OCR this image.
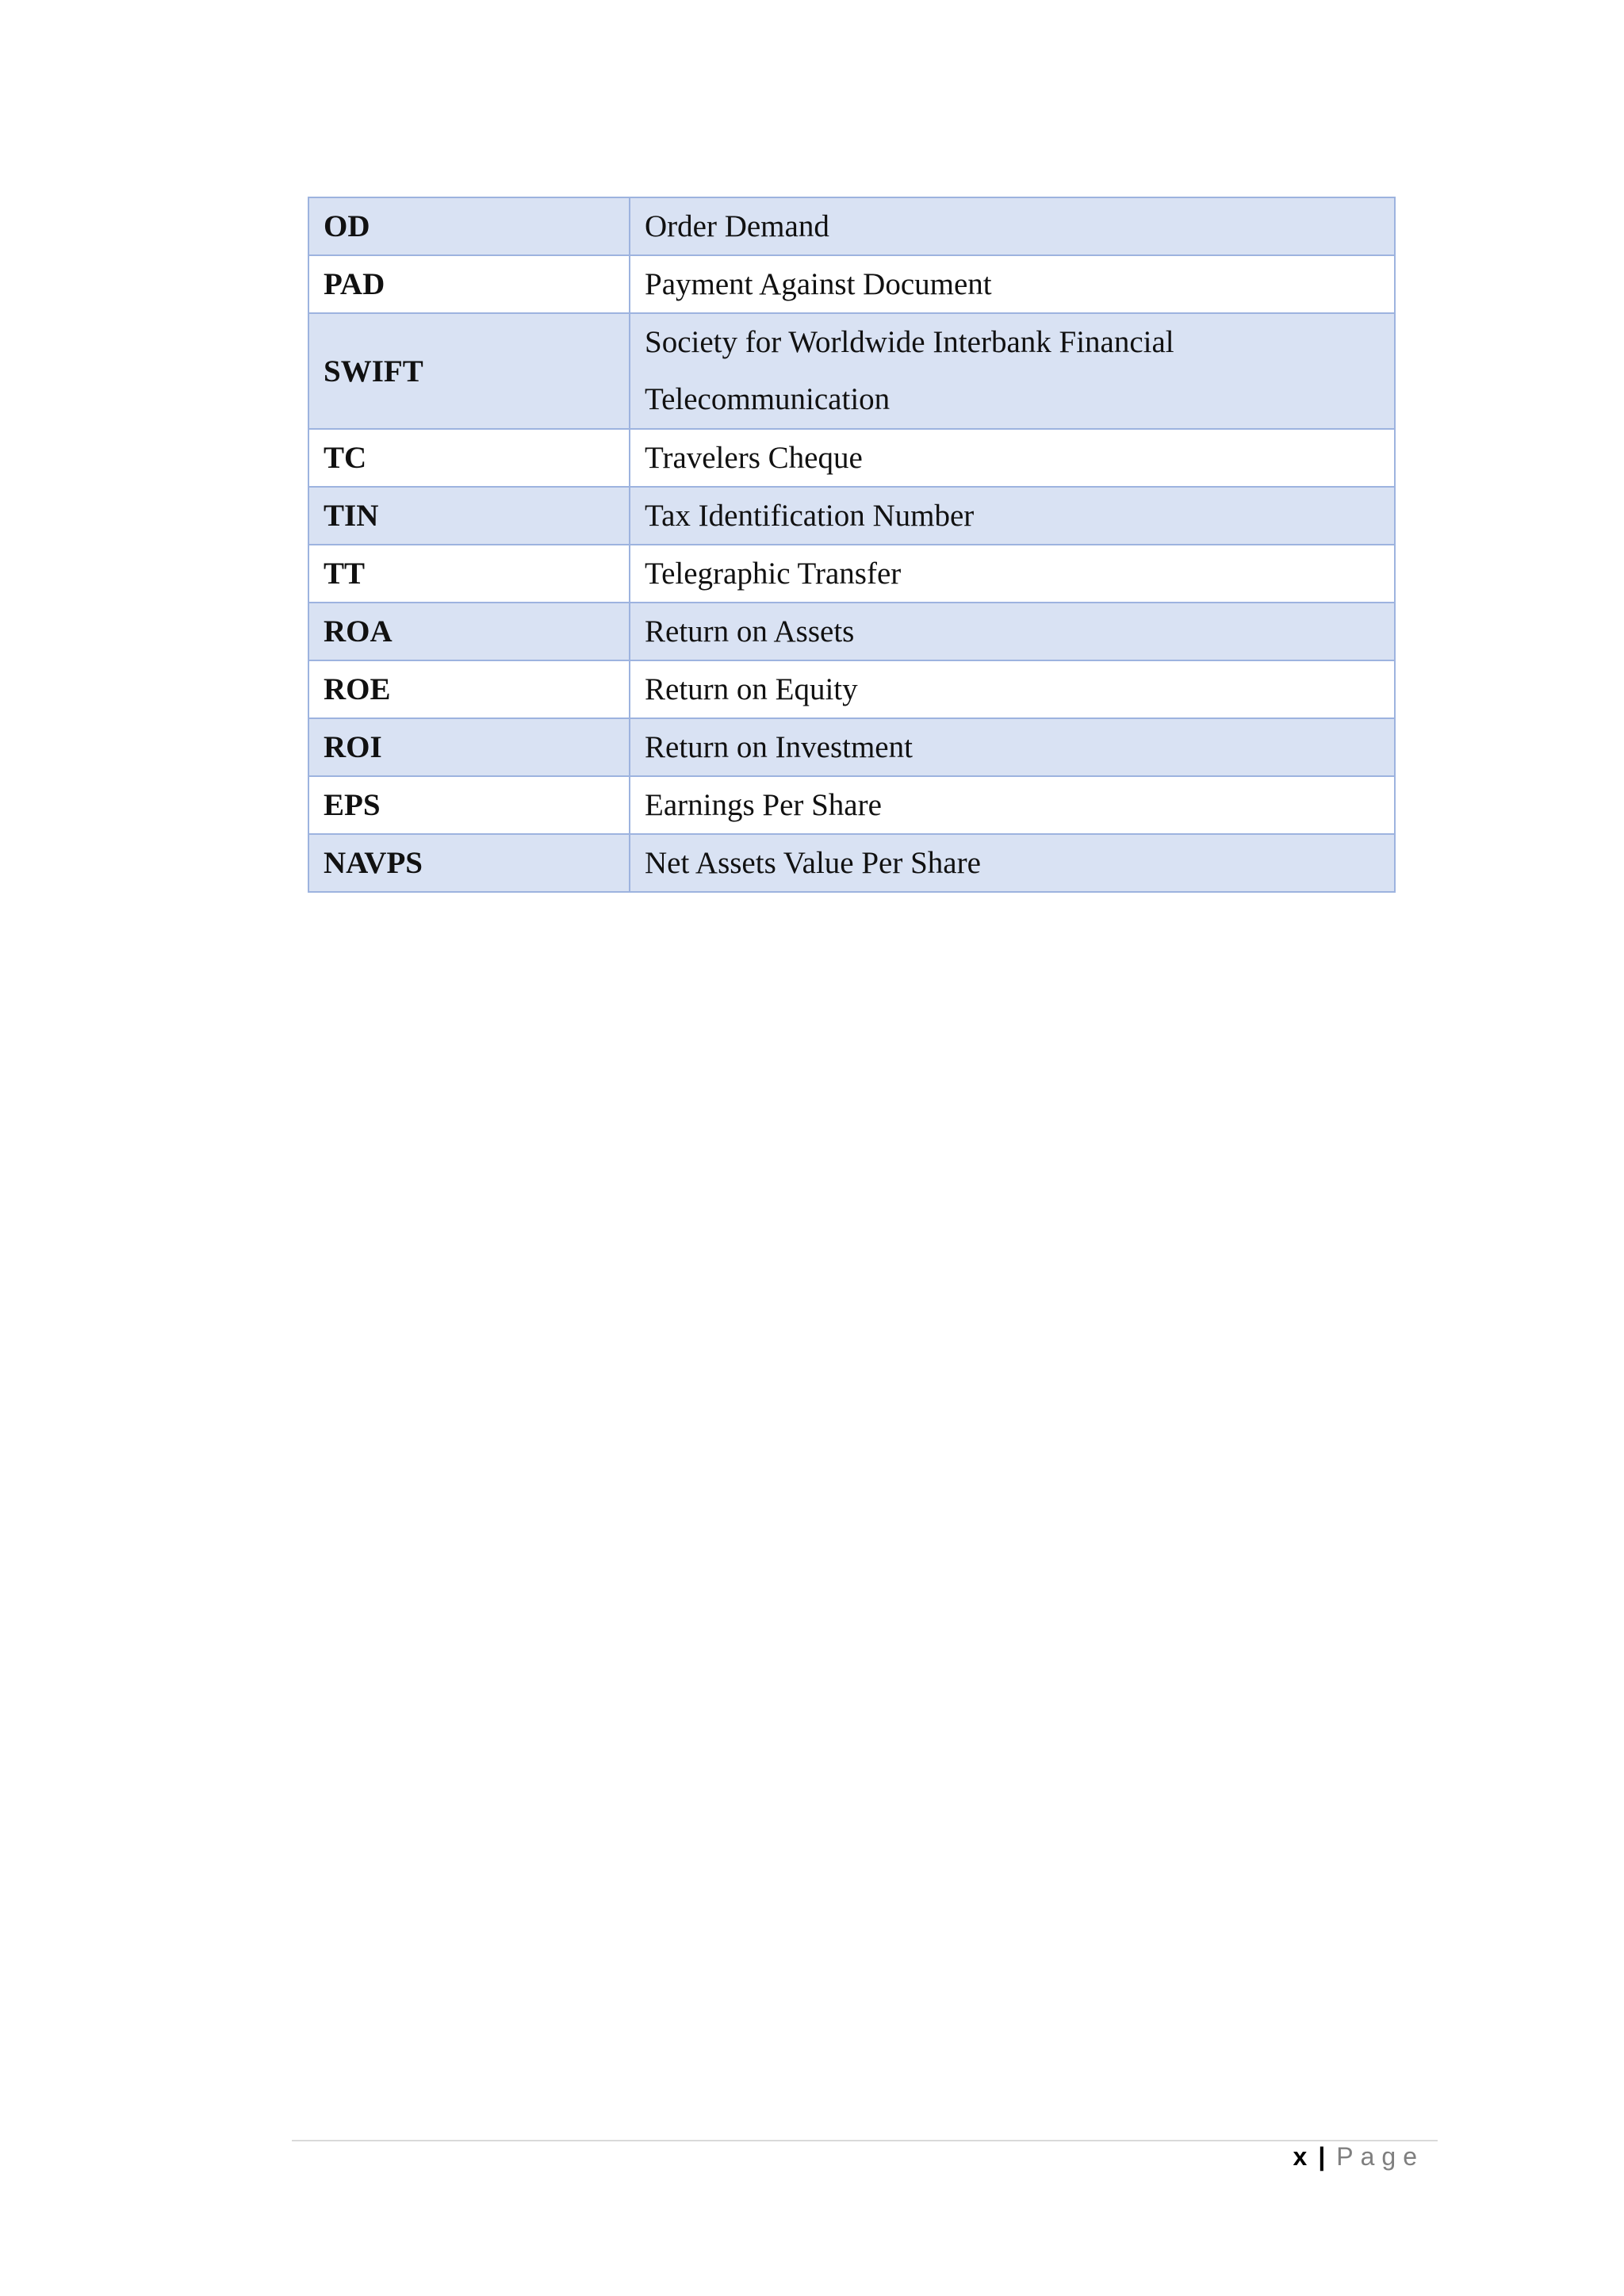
OD	Order Demand
PAD	Payment Against Document
SWIFT	Society for Worldwide Interbank Financial Telecommunication
TC	Travelers Cheque
TIN	Tax Identification Number
TT	Telegraphic Transfer
ROA	Return on Assets
ROE	Return on Equity
ROI	Return on Investment
EPS	Earnings Per Share
NAVPS	Net Assets Value Per Share
x | Page
